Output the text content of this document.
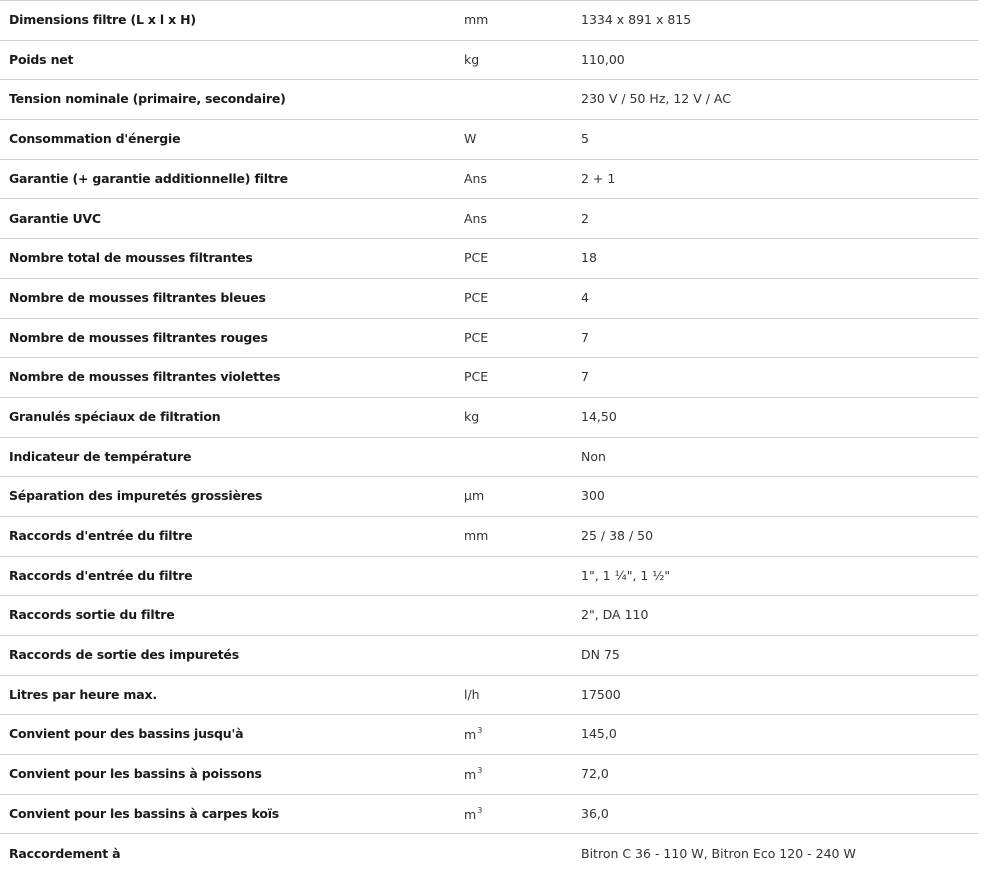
Dimensions filtre (L x l x H)	mm	1334 x 891 x 815
Poids net	kg	110,00
Tension nominale (primaire, secondaire)		230 V / 50 Hz, 12 V / AC
Consommation d'énergie	W	5
Garantie (+ garantie additionnelle) filtre	Ans	2 + 1
Garantie UVC	Ans	2
Nombre total de mousses filtrantes	PCE	18
Nombre de mousses filtrantes bleues	PCE	4
Nombre de mousses filtrantes rouges	PCE	7
Nombre de mousses filtrantes violettes	PCE	7
Granulés spéciaux de filtration	kg	14,50
Indicateur de température		Non
Séparation des impuretés grossières	µm	300
Raccords d'entrée du filtre	mm	25 / 38 / 50
Raccords d'entrée du filtre		1", 1 ¼", 1 ½"
Raccords sortie du filtre		2", DA 110
Raccords de sortie des impuretés		DN 75
Litres par heure max.	l/h	17500
Convient pour des bassins jusqu'à	$m^3$	145,0
Convient pour les bassins à poissons	$m^3$	72,0
Convient pour les bassins à carpes koïs	$m^3$	36,0
Raccordement à		Bitron C 36 - 110 W, Bitron Eco 120 - 240 W
